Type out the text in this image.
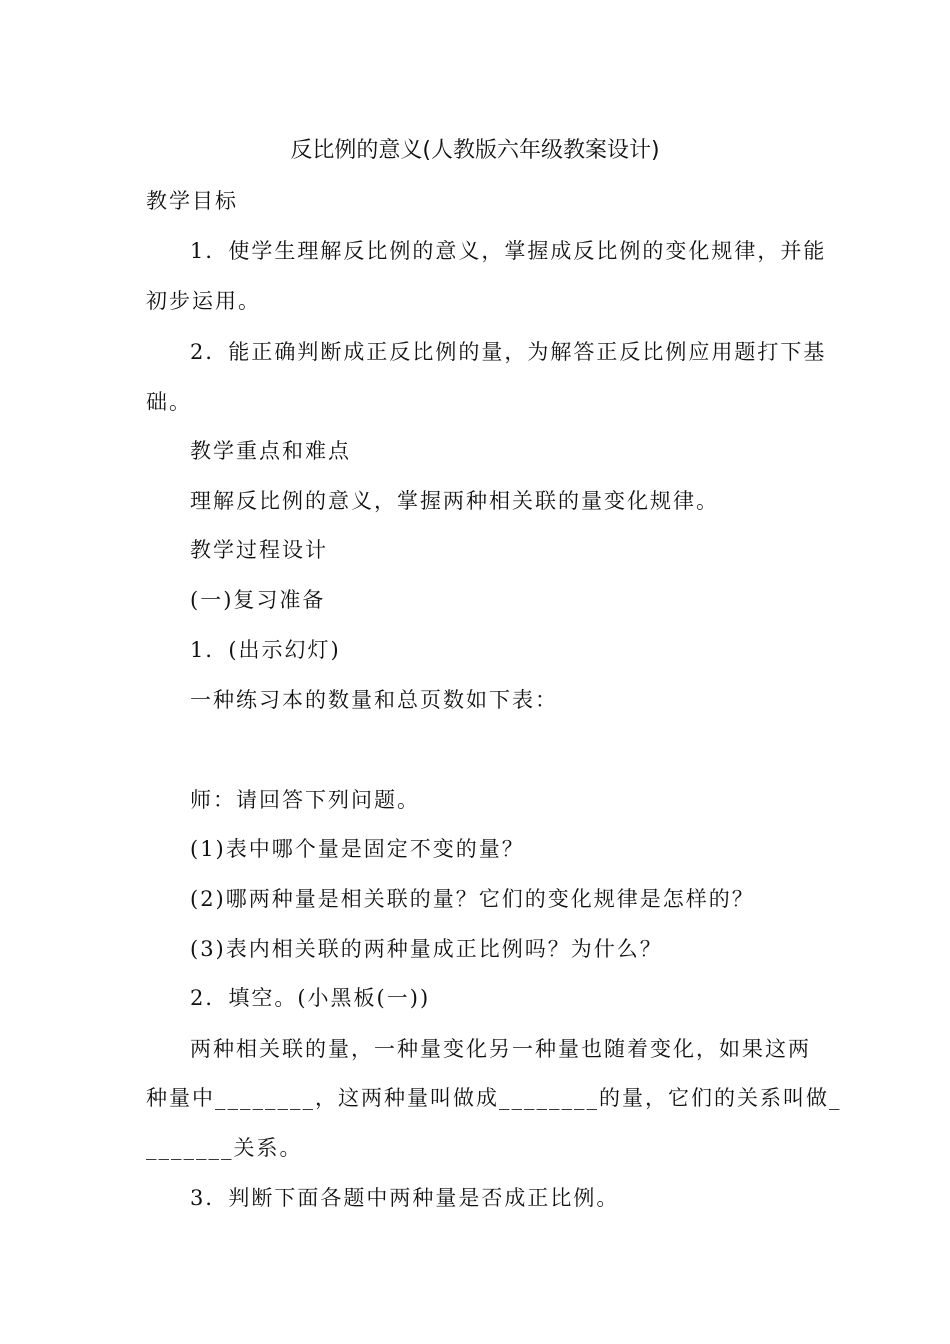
反比例的意义(人教版六年级教案设计)

教学目标

1．使学生理解反比例的意义，掌握成反比例的变化规律，并能

初步运用。

2．能正确判断成正反比例的量，为解答正反比例应用题打下基

础。

教学重点和难点

理解反比例的意义，掌握两种相关联的量变化规律。

教学过程设计

(一)复习准备

1．(出示幻灯)

一种练习本的数量和总页数如下表：

师：请回答下列问题。

(1)表中哪个量是固定不变的量？

(2)哪两种量是相关联的量？它们的变化规律是怎样的？

(3)表内相关联的两种量成正比例吗？为什么？

2．填空。(小黑板(一))

两种相关联的量，一种量变化另一种量也随着变化，如果这两

种量中________，这两种量叫做成________的量，它们的关系叫做_

_______关系。

3．判断下面各题中两种量是否成正比例。
